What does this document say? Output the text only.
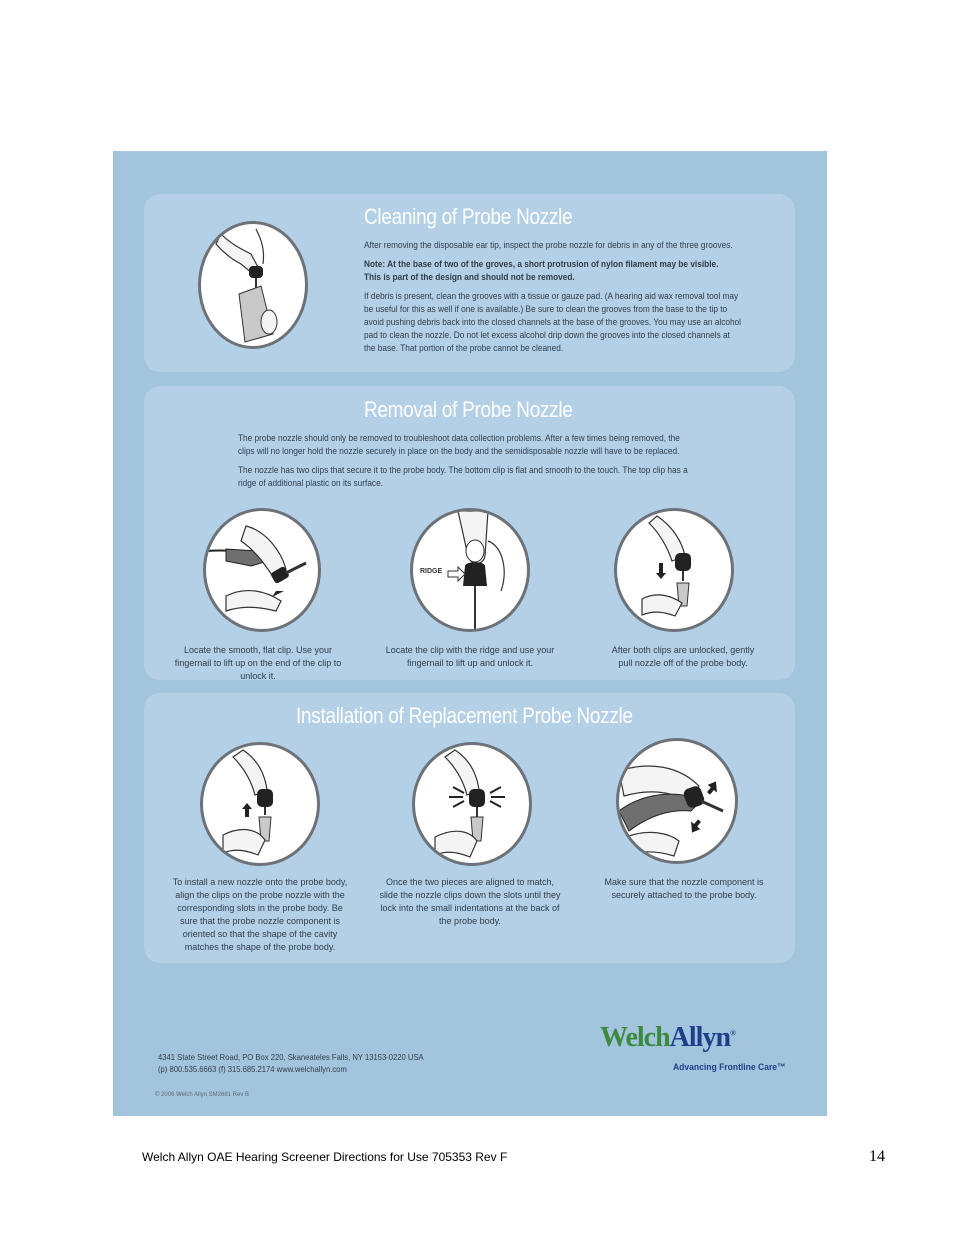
Cleaning of Probe Nozzle

After removing the disposable ear tip, inspect the probe nozzle for debris in any of the three grooves.

Note: At the base of two of the groves, a short protrusion of nylon filament may be visible. This is part of the design and should not be removed.

If debris is present, clean the grooves with a tissue or gauze pad. (A hearing aid wax removal tool may be useful for this as well if one is available.) Be sure to clean the grooves from the base to the tip to avoid pushing debris back into the closed channels at the base of the grooves. You may use an alcohol pad to clean the nozzle. Do not let excess alcohol drip down the grooves into the closed channels at the base. That portion of the probe cannot be cleaned.

Removal of Probe Nozzle

The probe nozzle should only be removed to troubleshoot data collection problems. After a few times being removed, the clips will no longer hold the nozzle securely in place on the body and the semidisposable nozzle will have to be replaced.

The nozzle has two clips that secure it to the probe body. The bottom clip is flat and smooth to the touch. The top clip has a ridge of additional plastic on its surface.

RIDGE
Locate the smooth, flat clip. Use your fingernail to lift up on the end of the clip to unlock it.
Locate the clip with the ridge and use your fingernail to lift up and unlock it.
After both clips are unlocked, gently pull nozzle off of the probe body.
Installation of Replacement Probe Nozzle
To install a new nozzle onto the probe body, align the clips on the probe nozzle with the corresponding slots in the probe body. Be sure that the probe nozzle component is oriented so that the shape of the cavity matches the shape of the probe body.
Once the two pieces are aligned to match, slide the nozzle clips down the slots until they lock into the small indentations at the back of the probe body.
Make sure that the nozzle component is securely attached to the probe body.
4341 State Street Road, PO Box 220, Skaneateles Falls, NY 13153-0220 USA
(p) 800.535.6663 (f) 315.685.2174 www.welchallyn.com
© 2006 Welch Allyn SM2681 Rev B
WelchAllyn®
Advancing Frontline Care™
Welch Allyn OAE Hearing Screener Directions for Use 705353 Rev F	14
